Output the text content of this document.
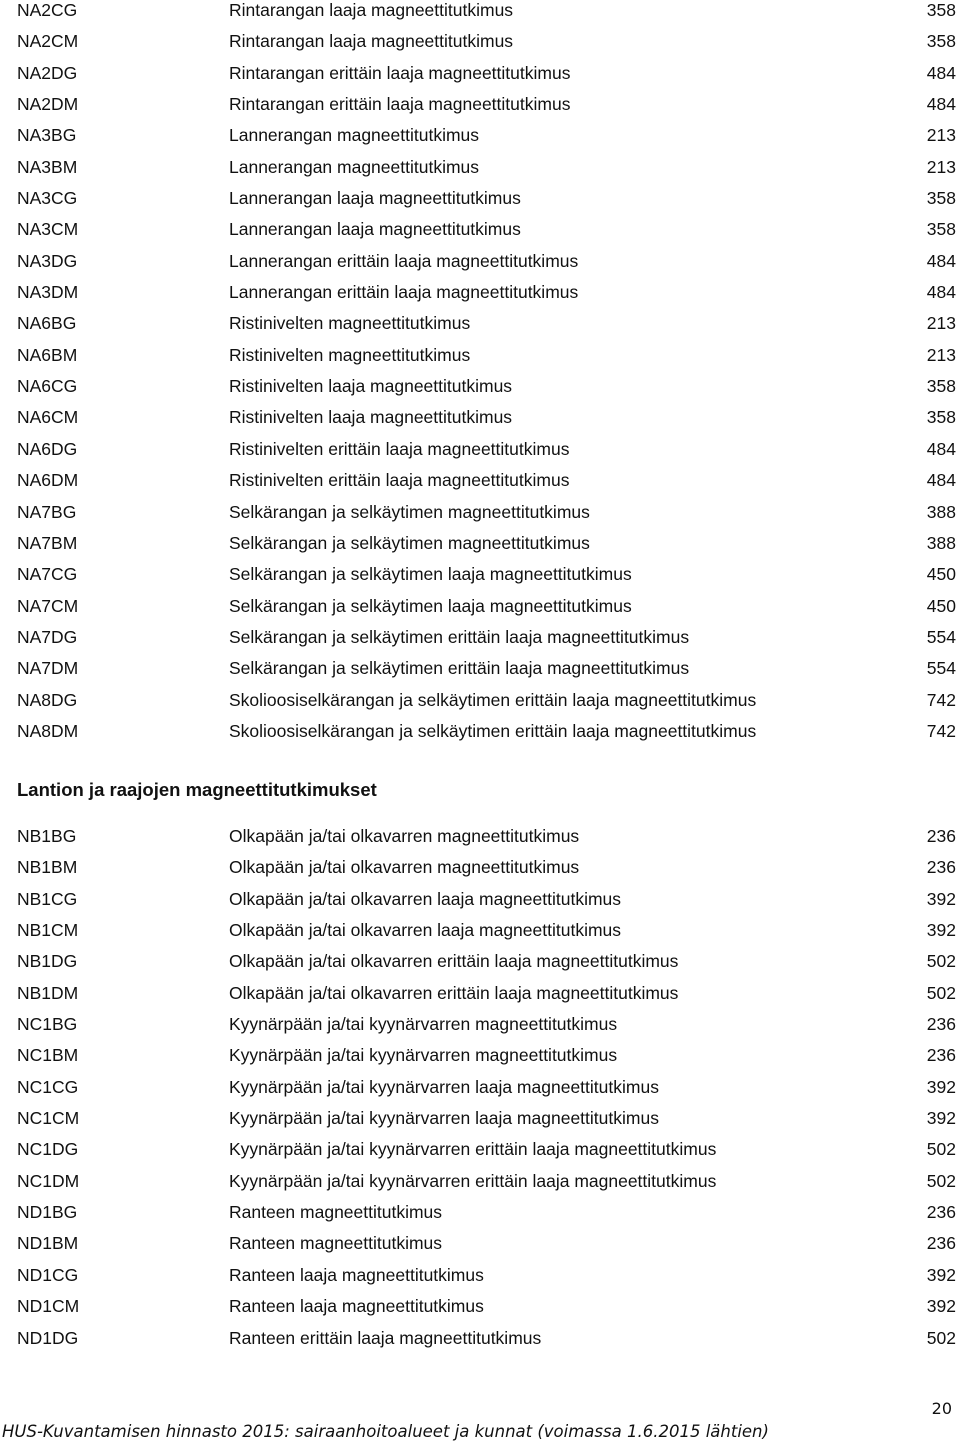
NA2CG	Rintarangan laaja magneettitutkimus	358
NA2CM	Rintarangan laaja magneettitutkimus	358
NA2DG	Rintarangan erittäin laaja magneettitutkimus	484
NA2DM	Rintarangan erittäin laaja magneettitutkimus	484
NA3BG	Lannerangan magneettitutkimus	213
NA3BM	Lannerangan magneettitutkimus	213
NA3CG	Lannerangan laaja magneettitutkimus	358
NA3CM	Lannerangan laaja magneettitutkimus	358
NA3DG	Lannerangan erittäin laaja magneettitutkimus	484
NA3DM	Lannerangan erittäin laaja magneettitutkimus	484
NA6BG	Ristinivelten magneettitutkimus	213
NA6BM	Ristinivelten magneettitutkimus	213
NA6CG	Ristinivelten laaja magneettitutkimus	358
NA6CM	Ristinivelten laaja magneettitutkimus	358
NA6DG	Ristinivelten erittäin laaja magneettitutkimus	484
NA6DM	Ristinivelten erittäin laaja magneettitutkimus	484
NA7BG	Selkärangan ja selkäytimen magneettitutkimus	388
NA7BM	Selkärangan ja selkäytimen magneettitutkimus	388
NA7CG	Selkärangan ja selkäytimen laaja magneettitutkimus	450
NA7CM	Selkärangan ja selkäytimen laaja magneettitutkimus	450
NA7DG	Selkärangan ja selkäytimen erittäin laaja magneettitutkimus	554
NA7DM	Selkärangan ja selkäytimen erittäin laaja magneettitutkimus	554
NA8DG	Skolioosiselkärangan ja selkäytimen erittäin laaja magneettitutkimus	742
NA8DM	Skolioosiselkärangan ja selkäytimen erittäin laaja magneettitutkimus	742
Lantion ja raajojen magneettitutkimukset
NB1BG	Olkapään ja/tai olkavarren magneettitutkimus	236
NB1BM	Olkapään ja/tai olkavarren magneettitutkimus	236
NB1CG	Olkapään ja/tai olkavarren laaja magneettitutkimus	392
NB1CM	Olkapään ja/tai olkavarren laaja magneettitutkimus	392
NB1DG	Olkapään ja/tai olkavarren erittäin laaja magneettitutkimus	502
NB1DM	Olkapään ja/tai olkavarren erittäin laaja magneettitutkimus	502
NC1BG	Kyynärpään ja/tai kyynärvarren magneettitutkimus	236
NC1BM	Kyynärpään ja/tai kyynärvarren magneettitutkimus	236
NC1CG	Kyynärpään ja/tai kyynärvarren laaja magneettitutkimus	392
NC1CM	Kyynärpään ja/tai kyynärvarren laaja magneettitutkimus	392
NC1DG	Kyynärpään ja/tai kyynärvarren erittäin laaja magneettitutkimus	502
NC1DM	Kyynärpään ja/tai kyynärvarren erittäin laaja magneettitutkimus	502
ND1BG	Ranteen magneettitutkimus	236
ND1BM	Ranteen magneettitutkimus	236
ND1CG	Ranteen laaja magneettitutkimus	392
ND1CM	Ranteen laaja magneettitutkimus	392
ND1DG	Ranteen erittäin laaja magneettitutkimus	502
20
HUS-Kuvantamisen hinnasto 2015: sairaanhoitoalueet ja kunnat (voimassa 1.6.2015 lähtien)
